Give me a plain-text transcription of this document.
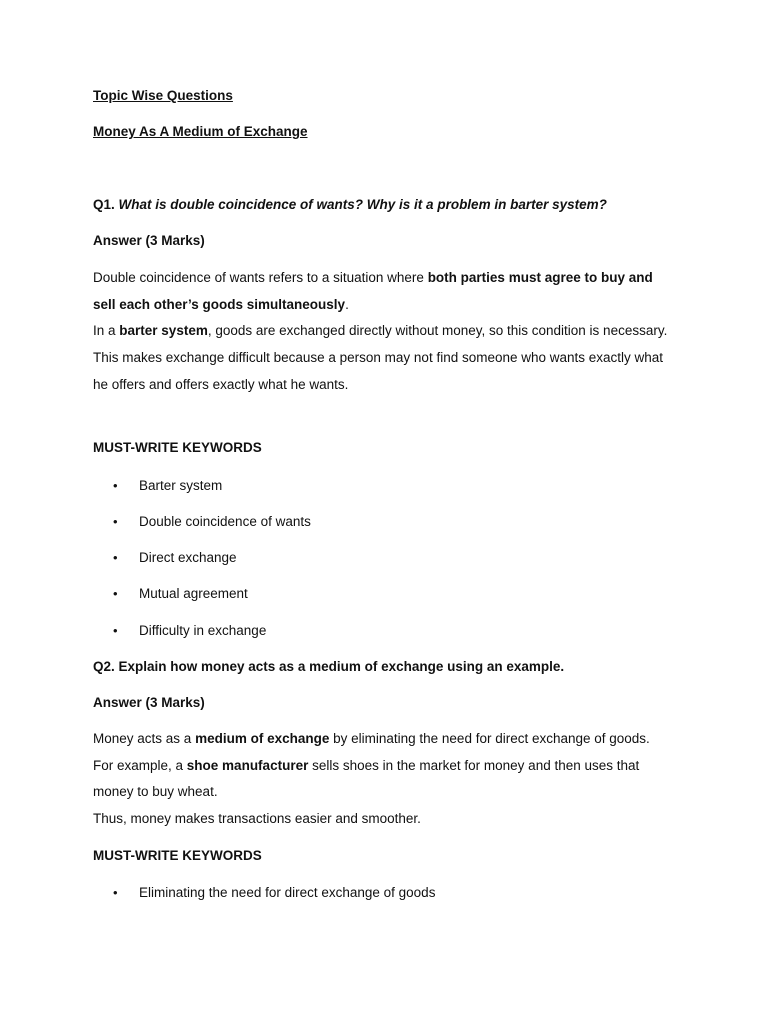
Topic Wise Questions
Money As A Medium of Exchange
Q1. What is double coincidence of wants? Why is it a problem in barter system?
Answer (3 Marks)
Double coincidence of wants refers to a situation where both parties must agree to buy and sell each other’s goods simultaneously.
In a barter system, goods are exchanged directly without money, so this condition is necessary.
This makes exchange difficult because a person may not find someone who wants exactly what he offers and offers exactly what he wants.
MUST-WRITE KEYWORDS
• Barter system
• Double coincidence of wants
• Direct exchange
• Mutual agreement
• Difficulty in exchange
Q2. Explain how money acts as a medium of exchange using an example.
Answer (3 Marks)
Money acts as a medium of exchange by eliminating the need for direct exchange of goods.
For example, a shoe manufacturer sells shoes in the market for money and then uses that money to buy wheat.
Thus, money makes transactions easier and smoother.
MUST-WRITE KEYWORDS
• Eliminating the need for direct exchange of goods
